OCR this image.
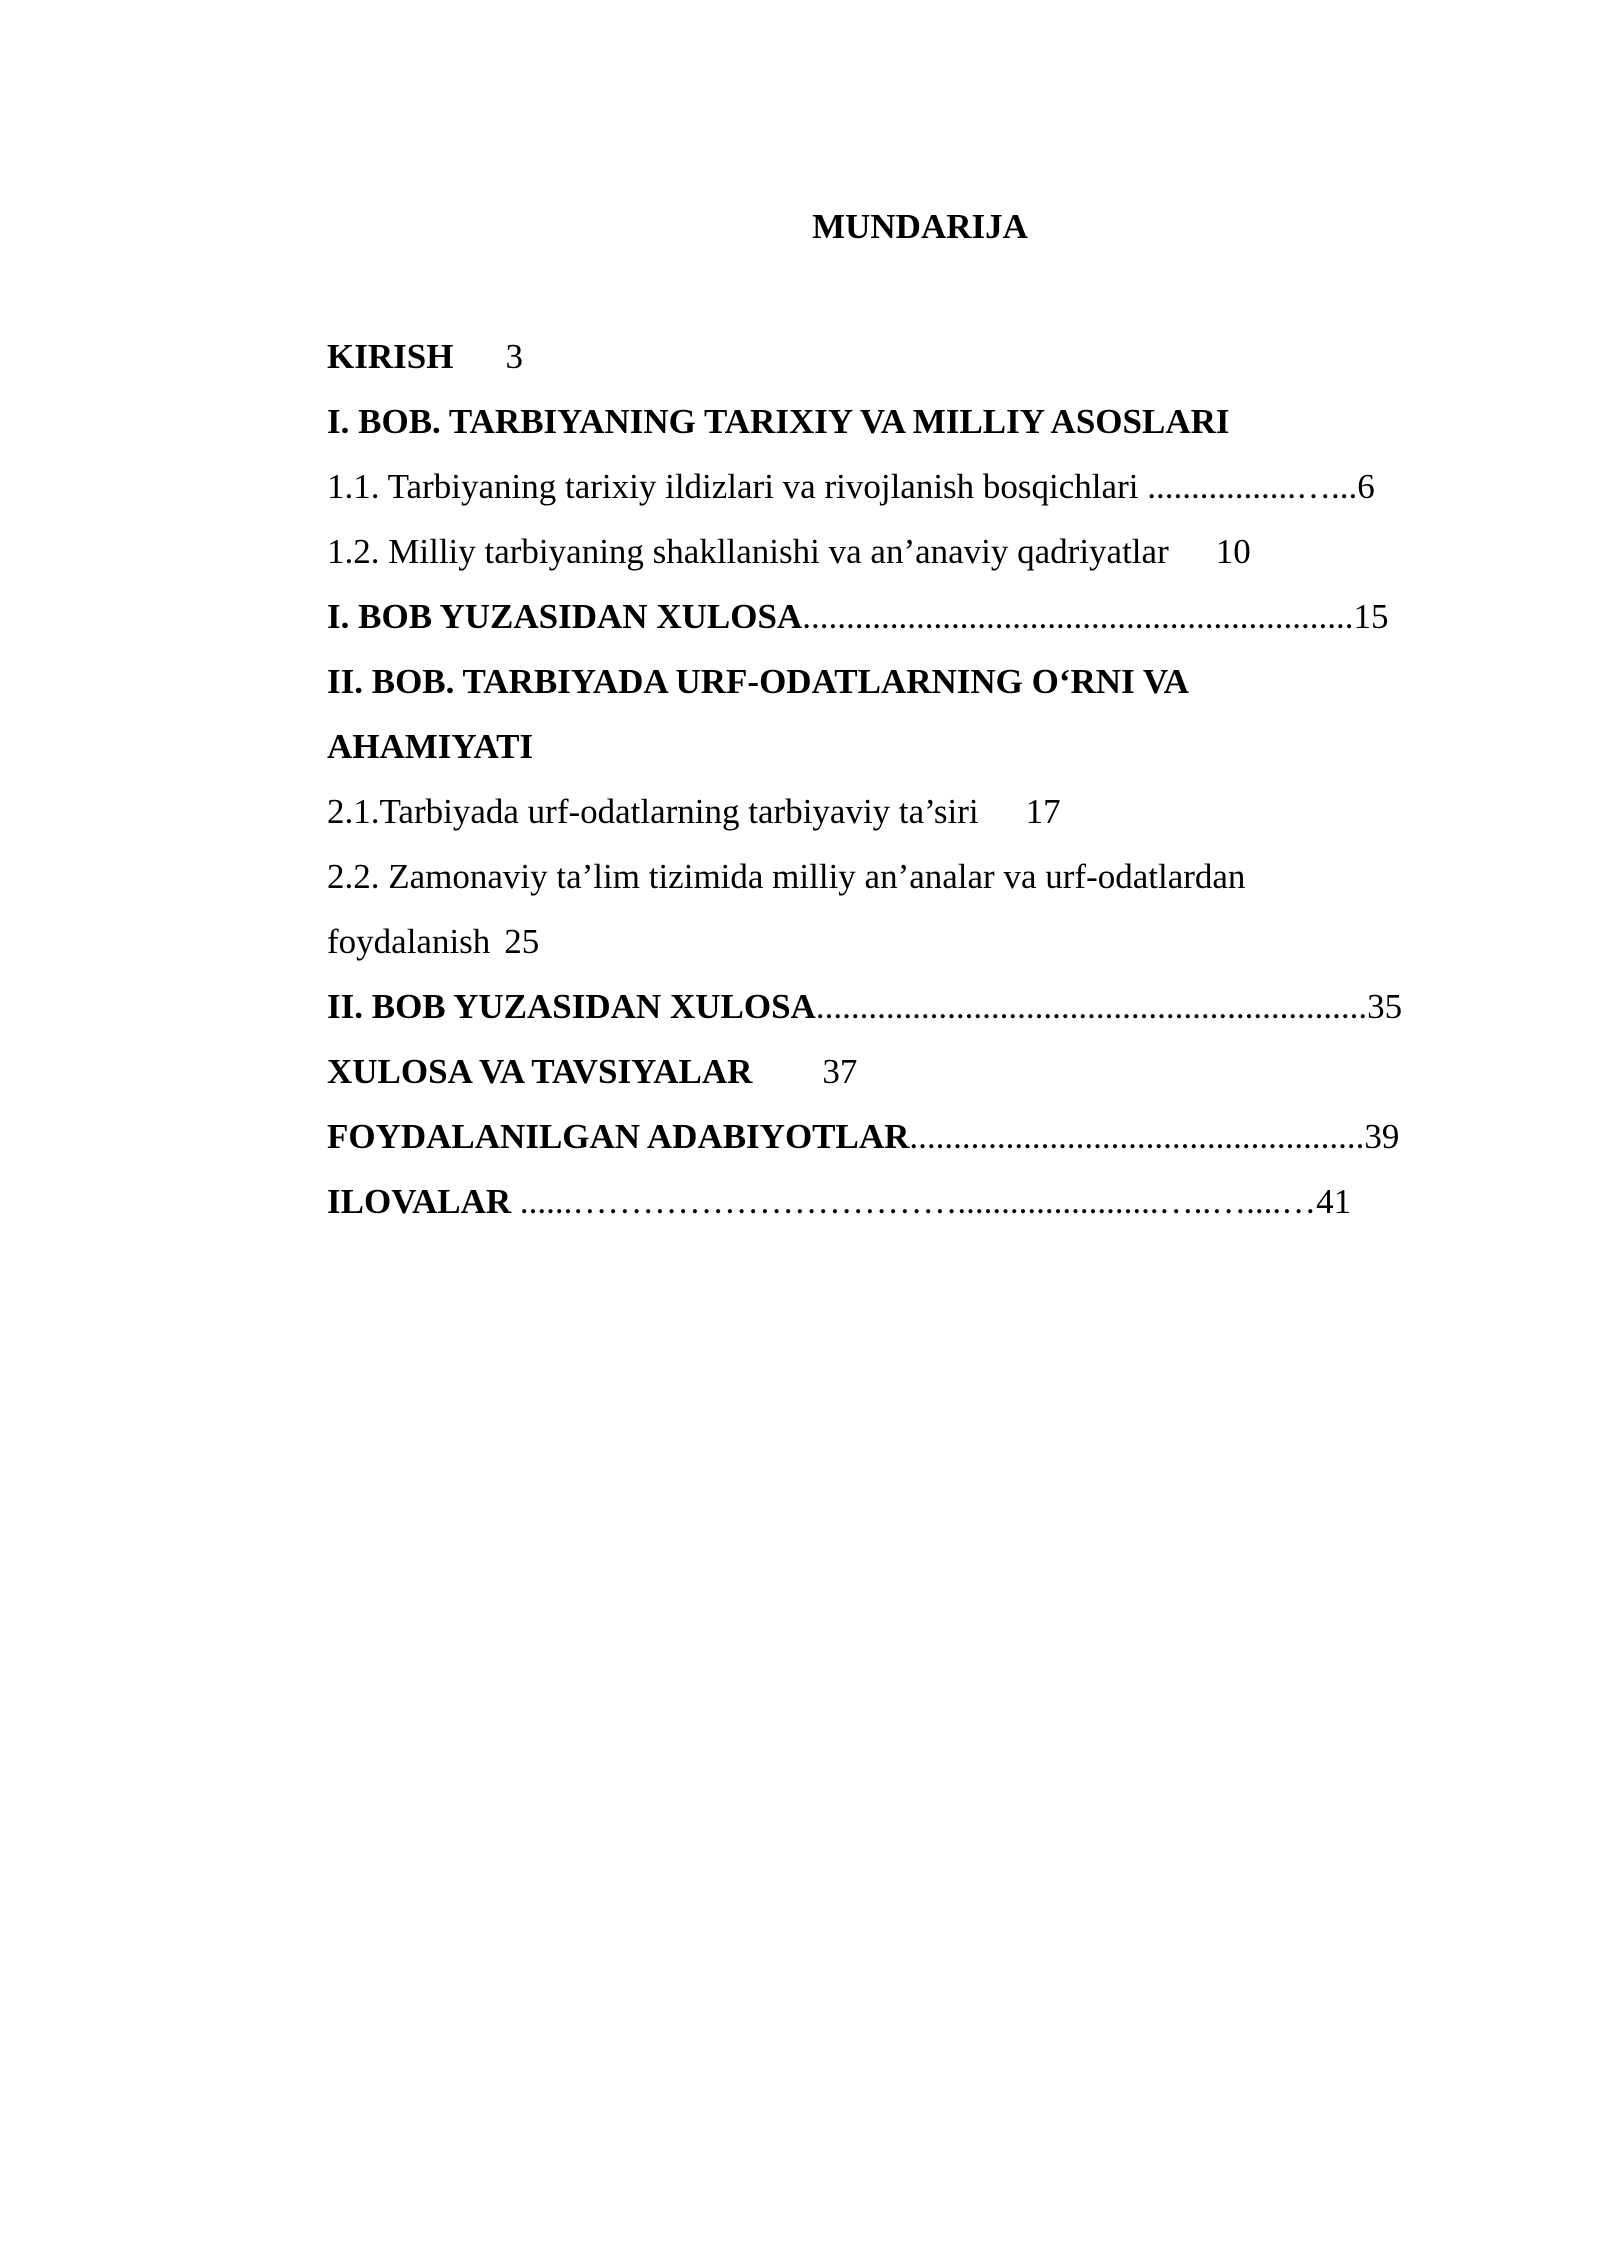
MUNDARIJA
KIRISH 3
I. BOB. TARBIYANING TARIXIY VA MILLIY ASOSLARI
1.1. Tarbiyaning tarixiy ildizlari va rivojlanish bosqichlari .................…...6
1.2. Milliy tarbiyaning shakllanishi va an’anaviy qadriyatlar 10
I. BOB YUZASIDAN XULOSA...............................................................15
II. BOB. TARBIYADA URF-ODATLARNING O‘RNI VA
AHAMIYATI
2.1.Tarbiyada urf-odatlarning tarbiyaviy ta’siri 17
2.2. Zamonaviy ta’lim tizimida milliy an’analar va urf-odatlardan
foydalanish 25
II. BOB YUZASIDAN XULOSA...............................................................35
XULOSA VA TAVSIYALAR 37
FOYDALANILGAN ADABIYOTLAR....................................................39
ILOVALAR ......…………………………….......................…..…....…41
